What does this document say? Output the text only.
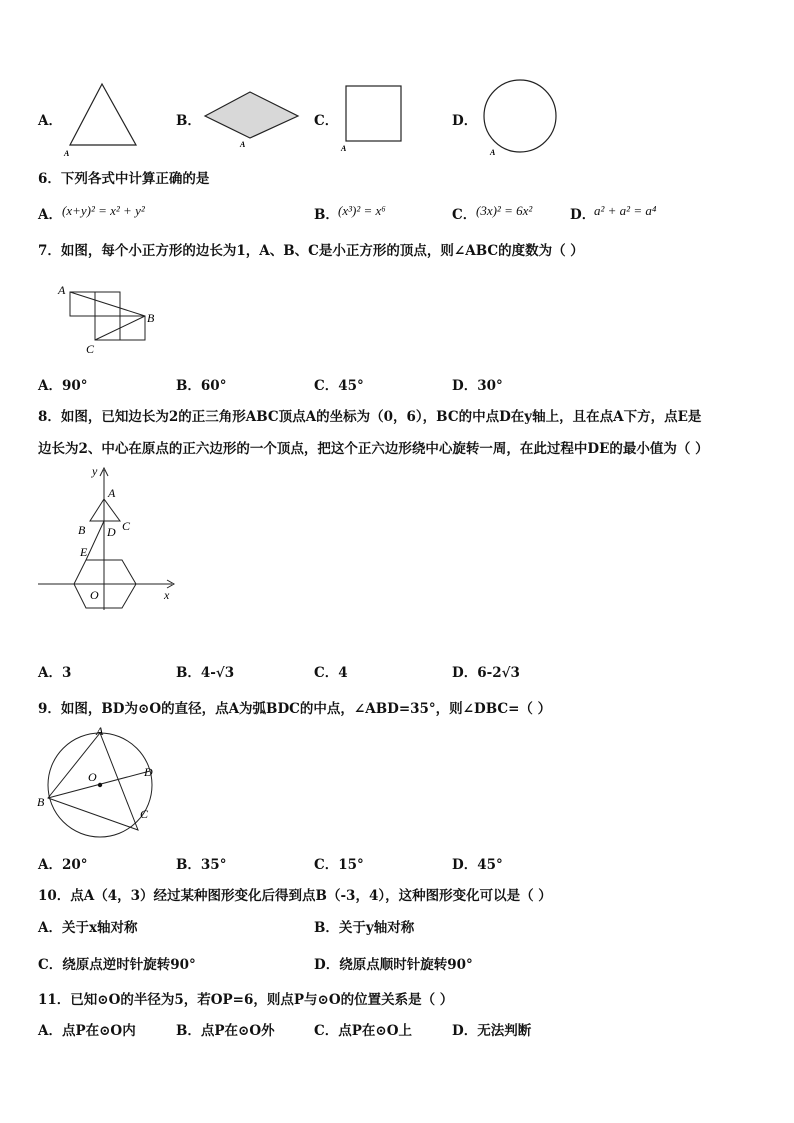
A．
A
B．
A
C．
A
D．
A
6．下列各式中计算正确的是
A． (x+y)² = x² + y²	B． (x³)² = x⁶	C． (3x)² = 6x²	D．
a² + a² = a⁴
7．如图，每个小正方形的边长为1，A、B、C是小正方形的顶点，则∠ABC的度数为（ ）
A
B
C
A．90°	B．60°	C．45°	D．30°
8．如图，已知边长为2的正三角形ABC顶点A的坐标为（0，6），BC的中点D在y轴上，且在点A下方，点E是
边长为2、中心在原点的正六边形的一个顶点，把这个正六边形绕中心旋转一周，在此过程中DE的最小值为（ ）
y
x
A
B D C
E
O
A．3	B．4-√3	C．4	D．6-2√3
9．如图，BD为⊙O的直径，点A为弧BDC的中点，∠ABD=35°，则∠DBC=（ ）
A
O	D
B
C
A．20°	B．35°	C．15°	D．45°
10．点A（4，3）经过某种图形变化后得到点B（-3，4），这种图形变化可以是（ ）
A．关于x轴对称	B．关于y轴对称
C．绕原点逆时针旋转90°	D．绕原点顺时针旋转90°
11．已知⊙O的半径为5，若OP=6，则点P与⊙O的位置关系是（ ）
A．点P在⊙O内	B．点P在⊙O外	C．点P在⊙O上	D．无法判断
